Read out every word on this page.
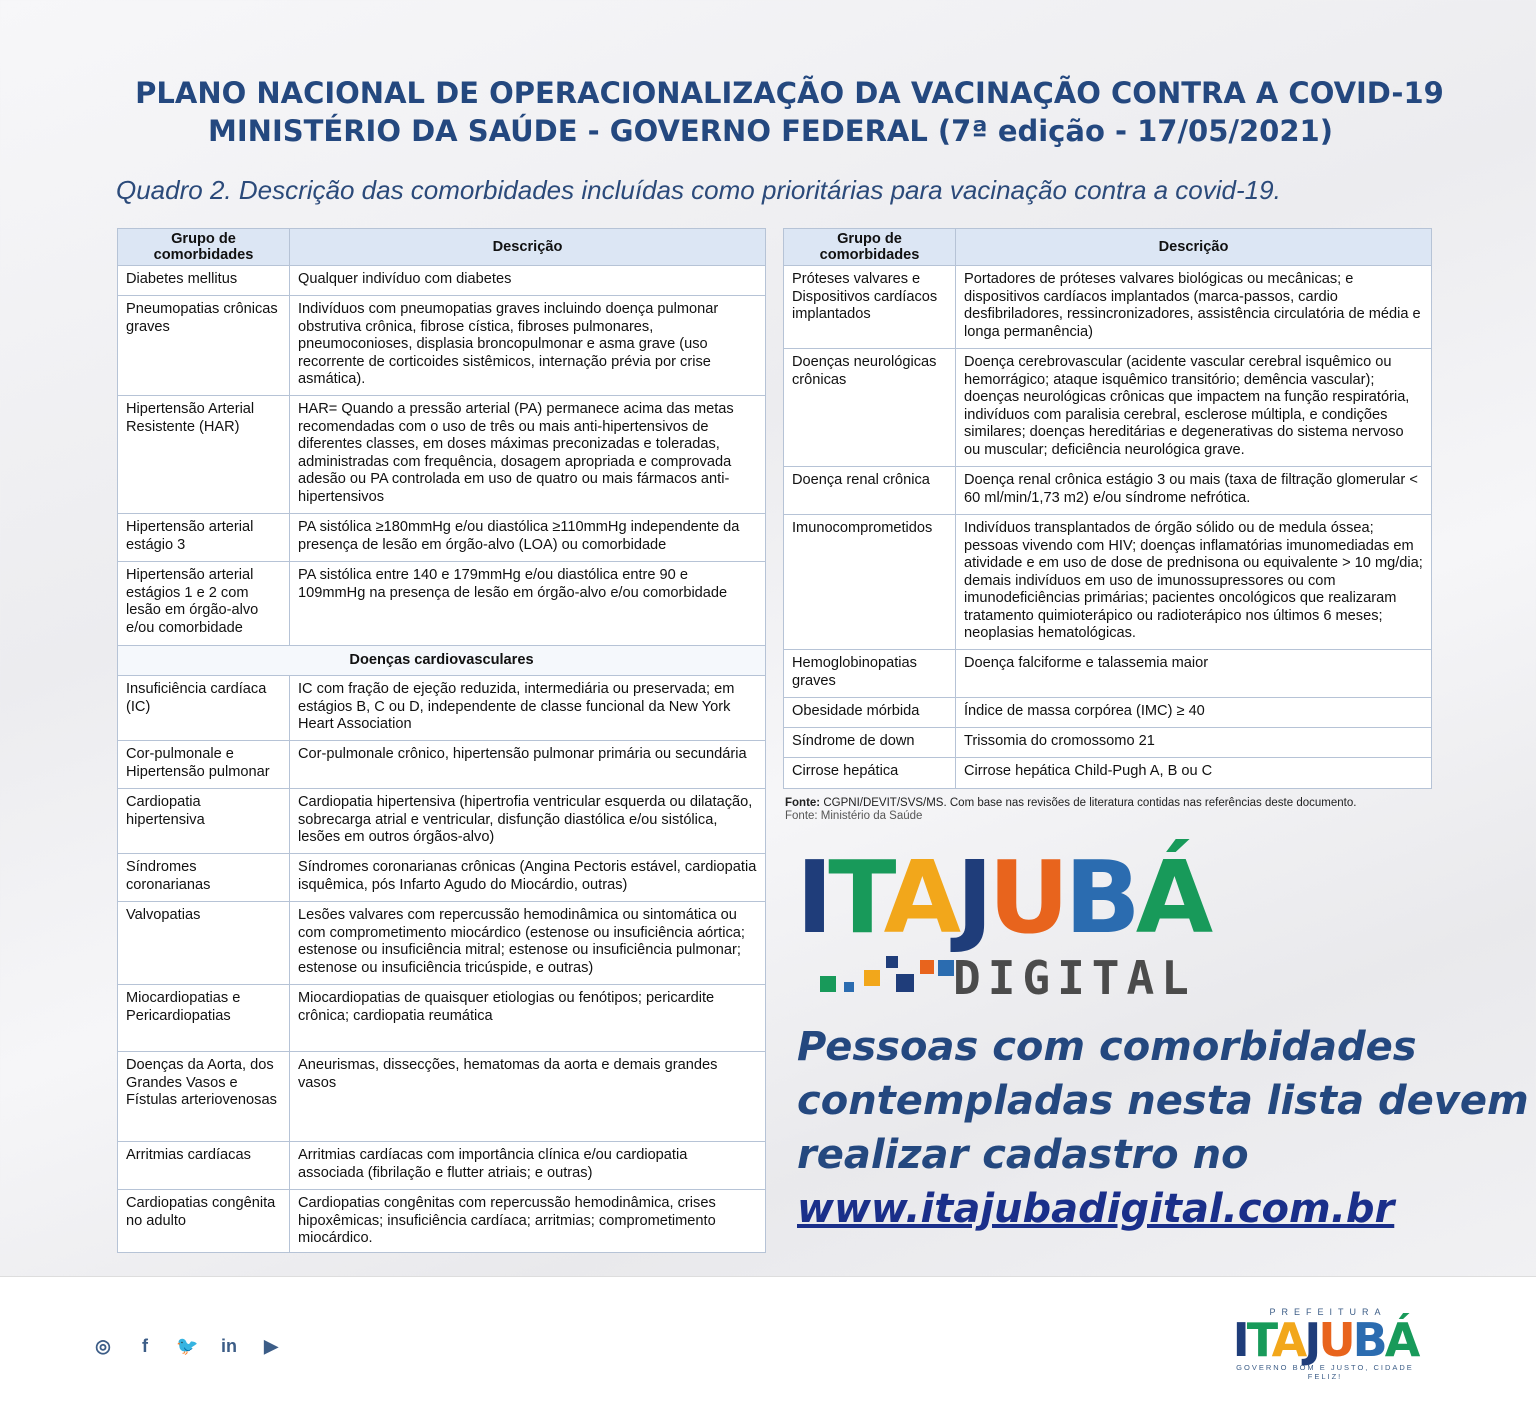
PLANO NACIONAL DE OPERACIONALIZAÇÃO DA VACINAÇÃO CONTRA A COVID-19
MINISTÉRIO DA SAÚDE - GOVERNO FEDERAL (7ª edição - 17/05/2021)
Quadro 2. Descrição das comorbidades incluídas como prioritárias para vacinação contra a covid-19.
Grupo de comorbidades	Descrição
Diabetes mellitus	Qualquer indivíduo com diabetes
Pneumopatias crônicas graves	Indivíduos com pneumopatias graves incluindo doença pulmonar obstrutiva crônica, fibrose cística, fibroses pulmonares, pneumoconioses, displasia broncopulmonar e asma grave (uso recorrente de corticoides sistêmicos, internação prévia por crise asmática).
Hipertensão Arterial Resistente (HAR)	HAR= Quando a pressão arterial (PA) permanece acima das metas recomendadas com o uso de três ou mais anti-hipertensivos de diferentes classes, em doses máximas preconizadas e toleradas, administradas com frequência, dosagem apropriada e comprovada adesão ou PA controlada em uso de quatro ou mais fármacos anti-hipertensivos
Hipertensão arterial estágio 3	PA sistólica ≥180mmHg e/ou diastólica ≥110mmHg independente da presença de lesão em órgão-alvo (LOA) ou comorbidade
Hipertensão arterial estágios 1 e 2 com lesão em órgão-alvo e/ou comorbidade	PA sistólica entre 140 e 179mmHg e/ou diastólica entre 90 e 109mmHg na presença de lesão em órgão-alvo e/ou comorbidade
Doenças cardiovasculares	
Insuficiência cardíaca (IC)	IC com fração de ejeção reduzida, intermediária ou preservada; em estágios B, C ou D, independente de classe funcional da New York Heart Association
Cor-pulmonale e Hipertensão pulmonar	Cor-pulmonale crônico, hipertensão pulmonar primária ou secundária
Cardiopatia hipertensiva	Cardiopatia hipertensiva (hipertrofia ventricular esquerda ou dilatação, sobrecarga atrial e ventricular, disfunção diastólica e/ou sistólica, lesões em outros órgãos-alvo)
Síndromes coronarianas	Síndromes coronarianas crônicas (Angina Pectoris estável, cardiopatia isquêmica, pós Infarto Agudo do Miocárdio, outras)
Valvopatias	Lesões valvares com repercussão hemodinâmica ou sintomática ou com comprometimento miocárdico (estenose ou insuficiência aórtica; estenose ou insuficiência mitral; estenose ou insuficiência pulmonar; estenose ou insuficiência tricúspide, e outras)
Miocardiopatias e Pericardiopatias	Miocardiopatias de quaisquer etiologias ou fenótipos; pericardite crônica; cardiopatia reumática
Doenças da Aorta, dos Grandes Vasos e Fístulas arteriovenosas	Aneurismas, dissecções, hematomas da aorta e demais grandes vasos
Arritmias cardíacas	Arritmias cardíacas com importância clínica e/ou cardiopatia associada (fibrilação e flutter atriais; e outras)
Cardiopatias congênita no adulto	Cardiopatias congênitas com repercussão hemodinâmica, crises hipoxêmicas; insuficiência cardíaca; arritmias; comprometimento miocárdico.
Grupo de comorbidades	Descrição
Próteses valvares e Dispositivos cardíacos implantados	Portadores de próteses valvares biológicas ou mecânicas; e dispositivos cardíacos implantados (marca-passos, cardio desfibriladores, ressincronizadores, assistência circulatória de média e longa permanência)
Doenças neurológicas crônicas	Doença cerebrovascular (acidente vascular cerebral isquêmico ou hemorrágico; ataque isquêmico transitório; demência vascular); doenças neurológicas crônicas que impactem na função respiratória, indivíduos com paralisia cerebral, esclerose múltipla, e condições similares; doenças hereditárias e degenerativas do sistema nervoso ou muscular; deficiência neurológica grave.
Doença renal crônica	Doença renal crônica estágio 3 ou mais (taxa de filtração glomerular < 60 ml/min/1,73 m2) e/ou síndrome nefrótica.
Imunocomprometidos	Indivíduos transplantados de órgão sólido ou de medula óssea; pessoas vivendo com HIV; doenças inflamatórias imunomediadas em atividade e em uso de dose de prednisona ou equivalente > 10 mg/dia; demais indivíduos em uso de imunossupressores ou com imunodeficiências primárias; pacientes oncológicos que realizaram tratamento quimioterápico ou radioterápico nos últimos 6 meses; neoplasias hematológicas.
Hemoglobinopatias graves	Doença falciforme e talassemia maior
Obesidade mórbida	Índice de massa corpórea (IMC) ≥ 40
Síndrome de down	Trissomia do cromossomo 21
Cirrose hepática	Cirrose hepática Child-Pugh A, B ou C
Fonte: CGPNI/DEVIT/SVS/MS. Com base nas revisões de literatura contidas nas referências deste documento.
Fonte: Ministério da Saúde
ITAJUBÁ
DIGITAL
Pessoas com comorbidades
contempladas nesta lista devem
realizar cadastro no
www.itajubadigital.com.br
◎	f	🐦 in ▶
PREFEITURA
ITAJUBÁ
GOVERNO BOM E JUSTO, CIDADE FELIZ!
